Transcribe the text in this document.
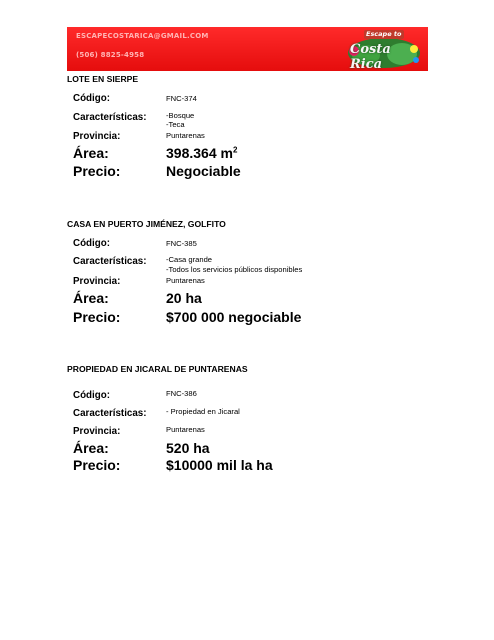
ESCAPECOSTARICA@GMAIL.COM
(506) 8825-4958
Escape to
Costa Rica
LOTE EN SIERPE
Código:	FNC-374
Características:	-Bosque
-Teca
Provincia:	Puntarenas
Área:	398.364 $m^2$
Precio:	Negociable
CASA EN PUERTO JIMÉNEZ, GOLFITO
Código:	FNC-385
Características:	-Casa grande
-Todos los servicios públicos disponibles
Provincia:	Puntarenas
Área:	20 ha
Precio:	$700 000 negociable
PROPIEDAD EN JICARAL DE PUNTARENAS
Código:	FNC-386
Características:	- Propiedad en Jicaral
Provincia:	Puntarenas
Área:	520 ha
Precio:	$10000 mil la ha
